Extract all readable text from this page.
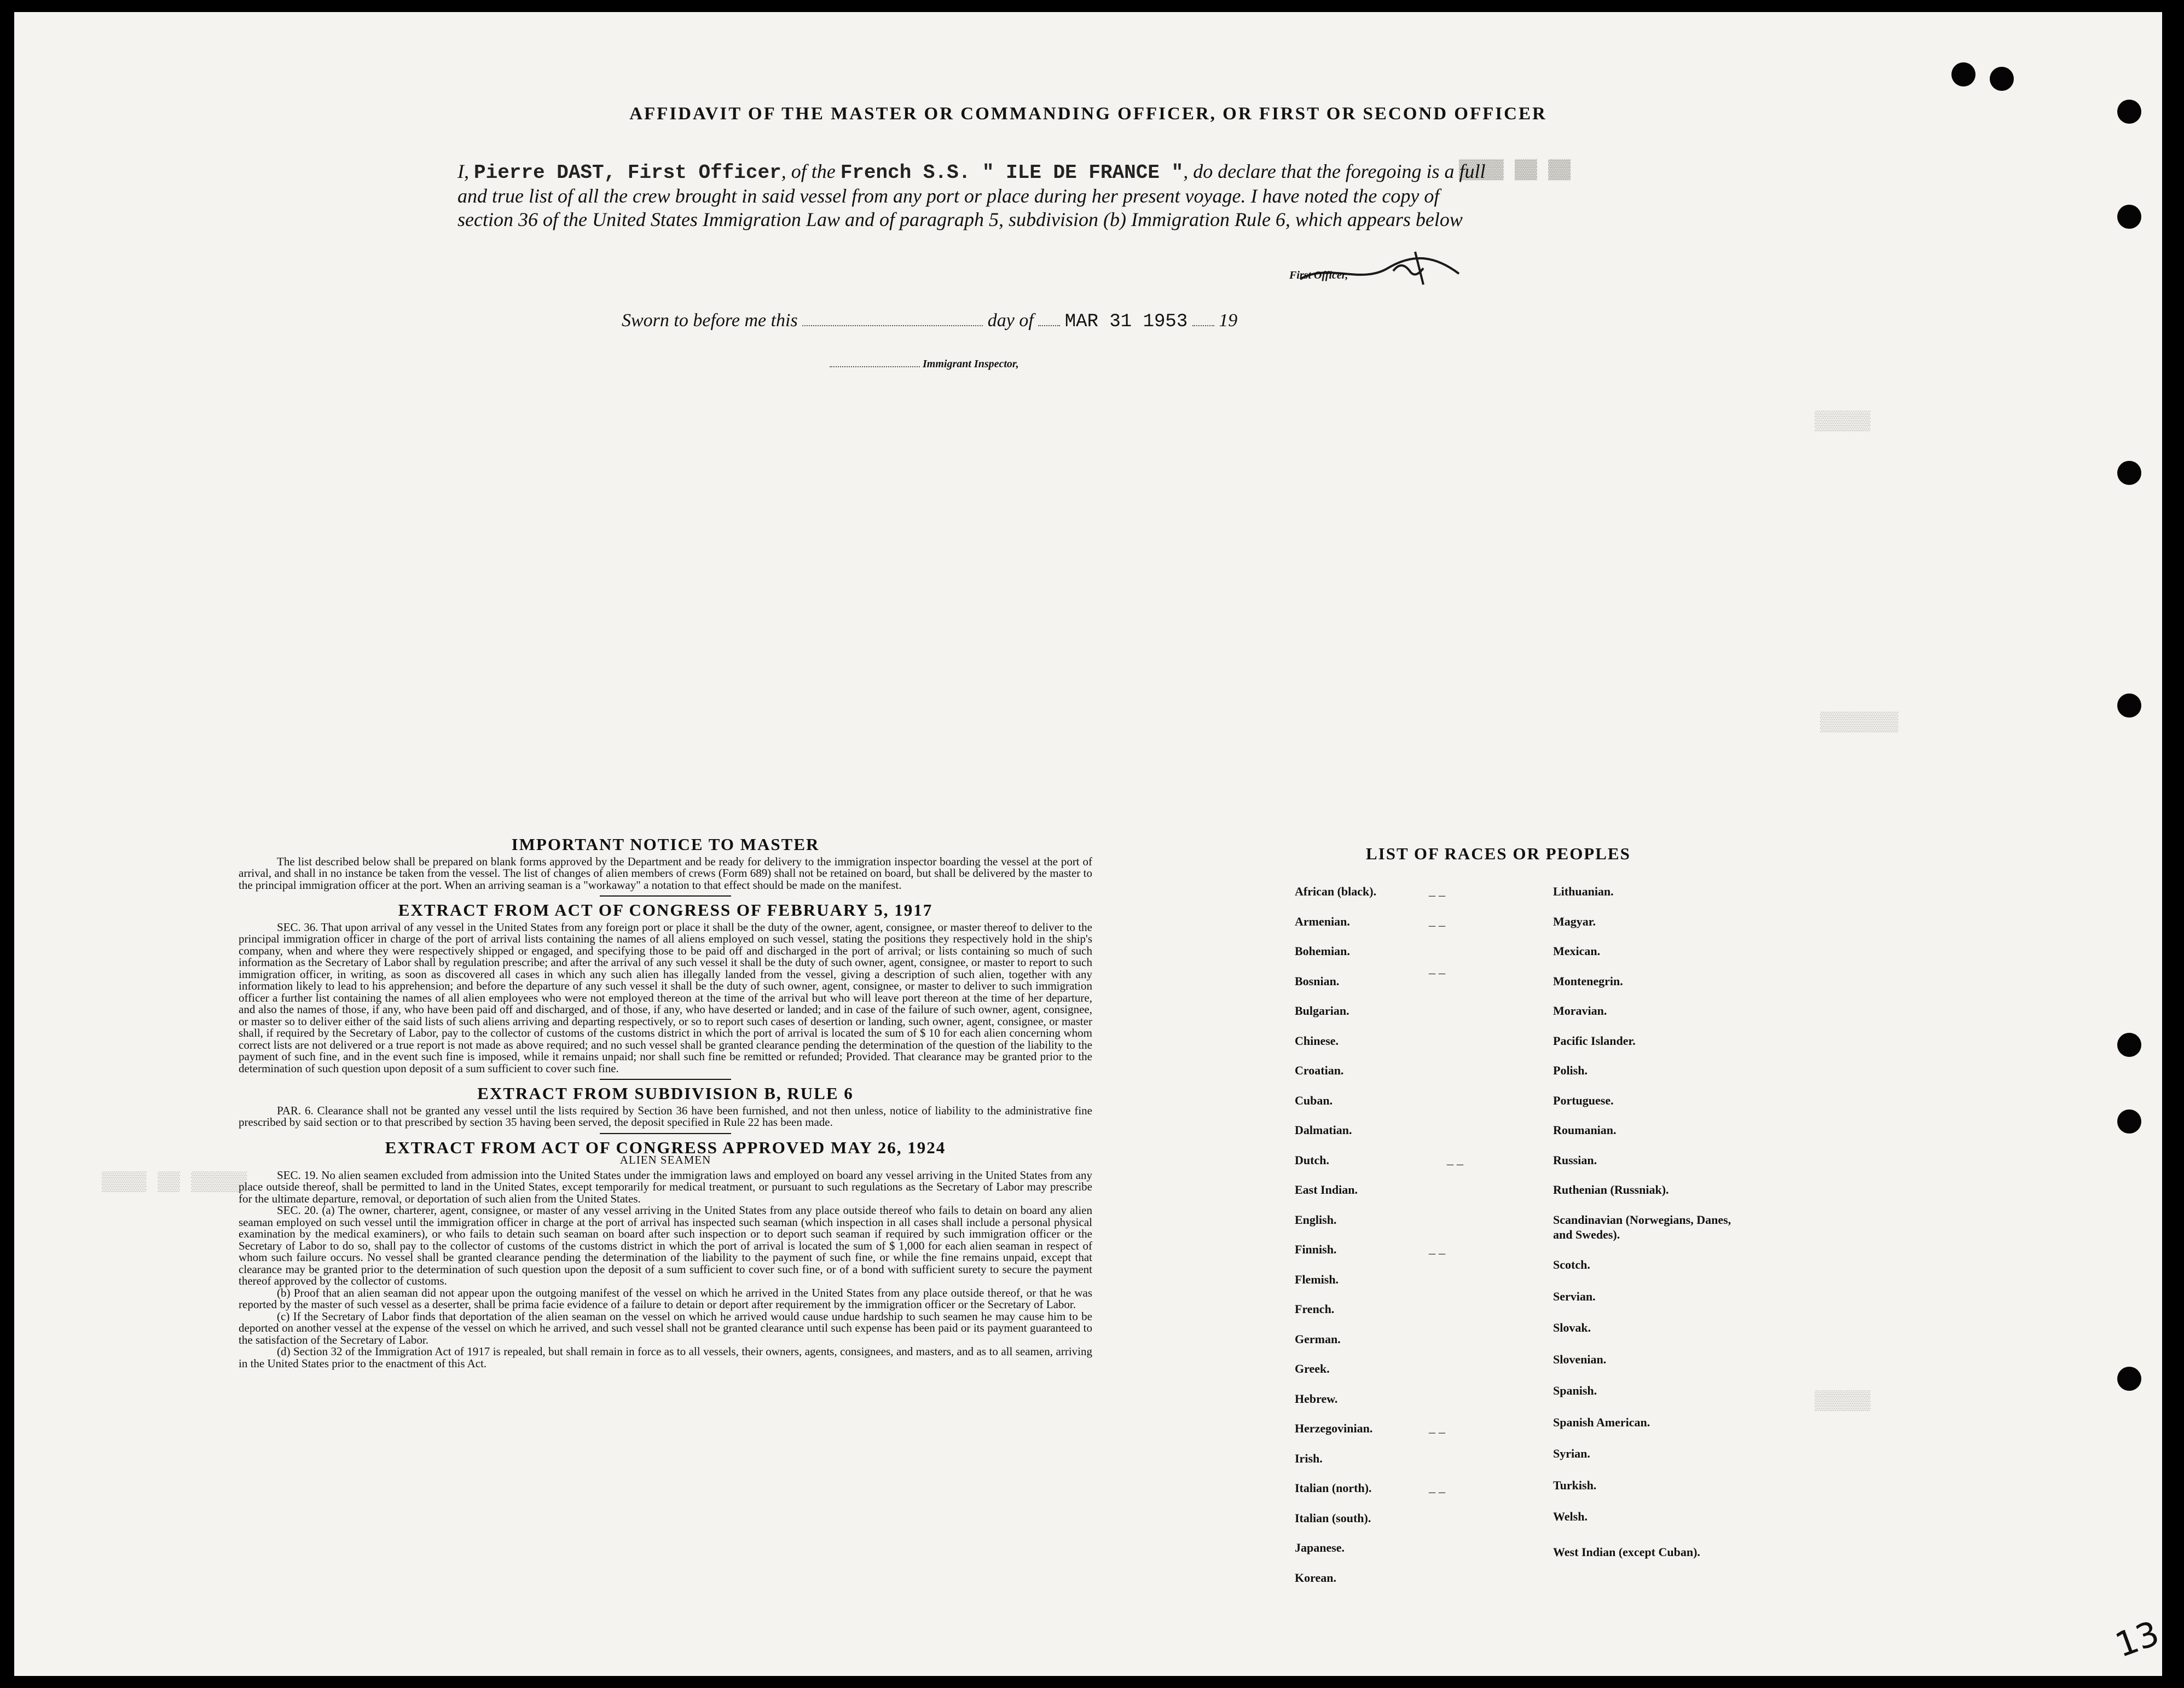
▓▓▓▓ ▓▓ ▓▓
▒▒▒▒▒
▒▒▒▒▒▒▒
▒▒▒▒ ▒▒ ▒▒▒▒▒
▒▒▒▒▒
AFFIDAVIT OF THE MASTER OR COMMANDING OFFICER, OR FIRST OR SECOND OFFICER

I, Pierre DAST, First Officer, of the French S.S. " ILE DE FRANCE ", do declare that the foregoing is a full and true list of all the crew brought in said vessel from any port or place during her present voyage. I have noted the copy of section 36 of the United States Immigration Law and of paragraph 5, subdivision (b) Immigration Rule 6, which appears below

First Officer,
Sworn to before me this	day of MAR 31 1953 19
Immigrant Inspector,
IMPORTANT NOTICE TO MASTER

The list described below shall be prepared on blank forms approved by the Department and be ready for delivery to the immigration inspector boarding the vessel at the port of arrival, and shall in no instance be taken from the vessel. The list of changes of alien members of crews (Form 689) shall not be retained on board, but shall be delivered by the master to the principal immigration officer at the port. When an arriving seaman is a "workaway" a notation to that effect should be made on the manifest.

EXTRACT FROM ACT OF CONGRESS OF FEBRUARY 5, 1917

SEC. 36. That upon arrival of any vessel in the United States from any foreign port or place it shall be the duty of the owner, agent, consignee, or master thereof to deliver to the principal immigration officer in charge of the port of arrival lists containing the names of all aliens employed on such vessel, stating the positions they respectively hold in the ship's company, when and where they were respectively shipped or engaged, and specifying those to be paid off and discharged in the port of arrival; or lists containing so much of such information as the Secretary of Labor shall by regulation prescribe; and after the arrival of any such vessel it shall be the duty of such owner, agent, consignee, or master to report to such immigration officer, in writing, as soon as discovered all cases in which any such alien has illegally landed from the vessel, giving a description of such alien, together with any information likely to lead to his apprehension; and before the departure of any such vessel it shall be the duty of such owner, agent, consignee, or master to deliver to such immigration officer a further list containing the names of all alien employees who were not employed thereon at the time of the arrival but who will leave port thereon at the time of her departure, and also the names of those, if any, who have been paid off and discharged, and of those, if any, who have deserted or landed; and in case of the failure of such owner, agent, consignee, or master so to deliver either of the said lists of such aliens arriving and departing respectively, or so to report such cases of desertion or landing, such owner, agent, consignee, or master shall, if required by the Secretary of Labor, pay to the collector of customs of the customs district in which the port of arrival is located the sum of $ 10 for each alien concerning whom correct lists are not delivered or a true report is not made as above required; and no such vessel shall be granted clearance pending the determination of the question of the liability to the payment of such fine, and in the event such fine is imposed, while it remains unpaid; nor shall such fine be remitted or refunded; Provided. That clearance may be granted prior to the determination of such question upon deposit of a sum sufficient to cover such fine.

EXTRACT FROM SUBDIVISION B, RULE 6

PAR. 6. Clearance shall not be granted any vessel until the lists required by Section 36 have been furnished, and not then unless, notice of liability to the administrative fine prescribed by said section or to that prescribed by section 35 having been served, the deposit specified in Rule 22 has been made.

EXTRACT FROM ACT OF CONGRESS APPROVED MAY 26, 1924
ALIEN SEAMEN

SEC. 19. No alien seamen excluded from admission into the United States under the immigration laws and employed on board any vessel arriving in the United States from any place outside thereof, shall be permitted to land in the United States, except temporarily for medical treatment, or pursuant to such regulations as the Secretary of Labor may prescribe for the ultimate departure, removal, or deportation of such alien from the United States.

SEC. 20. (a) The owner, charterer, agent, consignee, or master of any vessel arriving in the United States from any place outside thereof who fails to detain on board any alien seaman employed on such vessel until the immigration officer in charge at the port of arrival has inspected such seaman (which inspection in all cases shall include a personal physical examination by the medical examiners), or who fails to detain such seaman on board after such inspection or to deport such seaman if required by such immigration officer or the Secretary of Labor to do so, shall pay to the collector of customs of the customs district in which the port of arrival is located the sum of $ 1,000 for each alien seaman in respect of whom such failure occurs. No vessel shall be granted clearance pending the determination of the liability to the payment of such fine, or while the fine remains unpaid, except that clearance may be granted prior to the determination of such question upon the deposit of a sum sufficient to cover such fine, or of a bond with sufficient surety to secure the payment thereof approved by the collector of customs.

(b) Proof that an alien seaman did not appear upon the outgoing manifest of the vessel on which he arrived in the United States from any place outside thereof, or that he was reported by the master of such vessel as a deserter, shall be prima facie evidence of a failure to detain or deport after requirement by the immigration officer or the Secretary of Labor.

(c) If the Secretary of Labor finds that deportation of the alien seaman on the vessel on which he arrived would cause undue hardship to such seamen he may cause him to be deported on another vessel at the expense of the vessel on which he arrived, and such vessel shall not be granted clearance until such expense has been paid or its payment guaranteed to the satisfaction of the Secretary of Labor.

(d) Section 32 of the Immigration Act of 1917 is repealed, but shall remain in force as to all vessels, their owners, agents, consignees, and masters, and as to all seamen, arriving in the United States prior to the enactment of this Act.

LIST OF RACES OR PEOPLES
African (black).
Armenian.
Bohemian.
Bosnian.
Bulgarian.
Chinese.
Croatian.
Cuban.
Dalmatian.
Dutch.
East Indian.
English.
Finnish.
Flemish.
French.
German.
Greek.
Hebrew.
Herzegovinian.
Irish.
Italian (north).
Italian (south).
Japanese.
Korean.
Lithuanian.
Magyar.
Mexican.
Montenegrin.
Moravian.
Pacific Islander.
Polish.
Portuguese.
Roumanian.
Russian.
Ruthenian (Russniak).
Scandinavian (Norwegians, Danes, and Swedes).
Scotch.
Servian.
Slovak.
Slovenian.
Spanish.
Spanish American.
Syrian.
Turkish.
Welsh.
West Indian (except Cuban).
_ _
_ _
_ _
_ _
_ _
_ _
_ _
13
